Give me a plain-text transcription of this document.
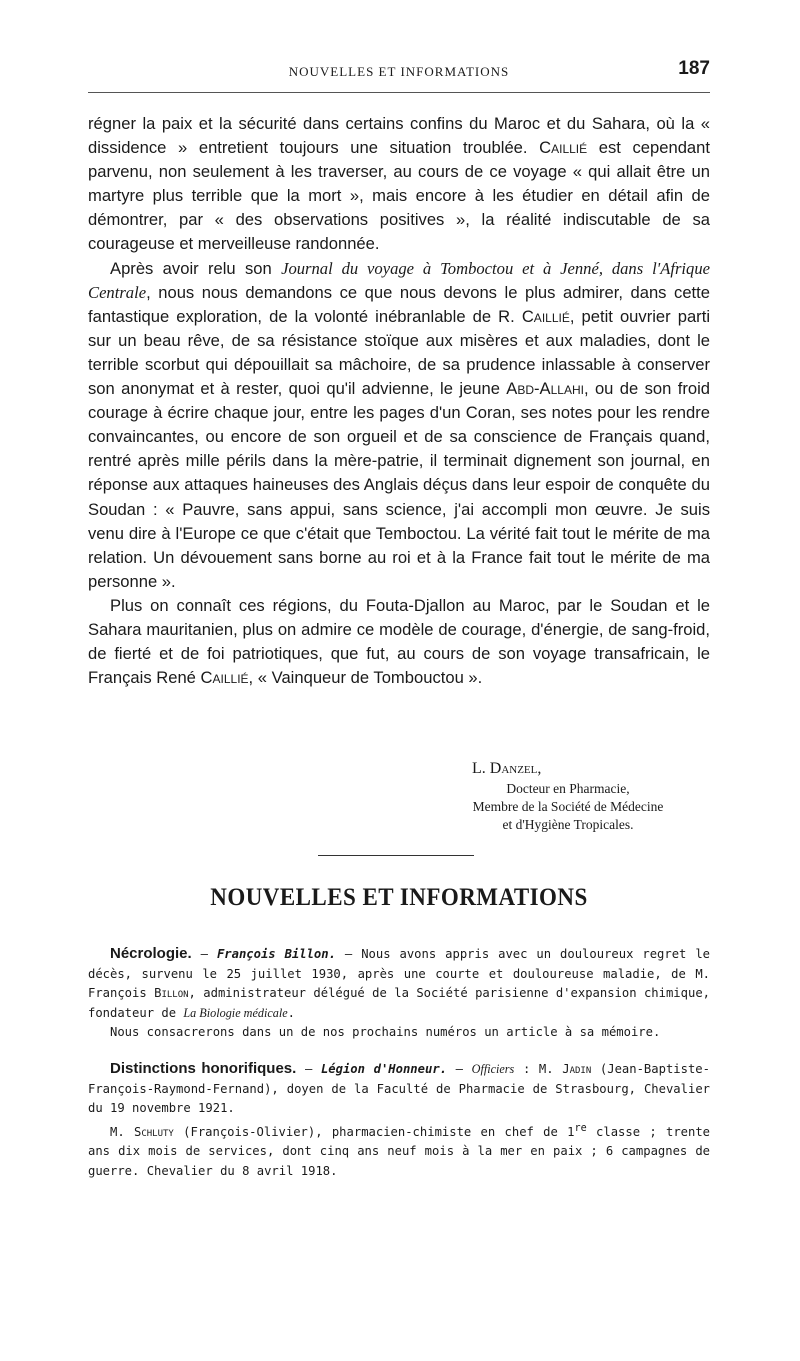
NOUVELLES ET INFORMATIONS	187

régner la paix et la sécurité dans certains confins du Maroc et du Sahara, où la « dissidence » entretient toujours une situation troublée. Caillié est cependant parvenu, non seulement à les traverser, au cours de ce voyage « qui allait être un martyre plus terrible que la mort », mais encore à les étudier en détail afin de démontrer, par « des observations positives », la réalité indiscutable de sa courageuse et merveilleuse randonnée.

Après avoir relu son Journal du voyage à Tomboctou et à Jenné, dans l'Afrique Centrale, nous nous demandons ce que nous devons le plus admirer, dans cette fantastique exploration, de la volonté inébranlable de R. Caillié, petit ouvrier parti sur un beau rêve, de sa résistance stoïque aux misères et aux maladies, dont le terrible scorbut qui dépouillait sa mâchoire, de sa prudence inlassable à conserver son anonymat et à rester, quoi qu'il advienne, le jeune Abd-Allahi, ou de son froid courage à écrire chaque jour, entre les pages d'un Coran, ses notes pour les rendre convaincantes, ou encore de son orgueil et de sa conscience de Français quand, rentré après mille périls dans la mère-patrie, il terminait dignement son journal, en réponse aux attaques haineuses des Anglais déçus dans leur espoir de conquête du Soudan : « Pauvre, sans appui, sans science, j'ai accompli mon œuvre. Je suis venu dire à l'Europe ce que c'était que Temboctou. La vérité fait tout le mérite de ma relation. Un dévouement sans borne au roi et à la France fait tout le mérite de ma personne ».

Plus on connaît ces régions, du Fouta-Djallon au Maroc, par le Soudan et le Sahara mauritanien, plus on admire ce modèle de courage, d'énergie, de sang-froid, de fierté et de foi patriotiques, que fut, au cours de son voyage transafricain, le Français René Caillié, « Vainqueur de Tombouctou ».

L. Danzel,
Docteur en Pharmacie,
Membre de la Société de Médecine
et d'Hygiène Tropicales.
NOUVELLES ET INFORMATIONS

Nécrologie. — François Billon. — Nous avons appris avec un douloureux regret le décès, survenu le 25 juillet 1930, après une courte et douloureuse maladie, de M. François Billon, administrateur délégué de la Société parisienne d'expansion chimique, fondateur de La Biologie médicale.

Nous consacrerons dans un de nos prochains numéros un article à sa mémoire.

Distinctions honorifiques. — Légion d'Honneur. — Officiers : M. Jadin (Jean-Baptiste-François-Raymond-Fernand), doyen de la Faculté de Pharmacie de Strasbourg, Chevalier du 19 novembre 1921.

M. Schluty (François-Olivier), pharmacien-chimiste en chef de 1re classe ; trente ans dix mois de services, dont cinq ans neuf mois à la mer en paix ; 6 campagnes de guerre. Chevalier du 8 avril 1918.
